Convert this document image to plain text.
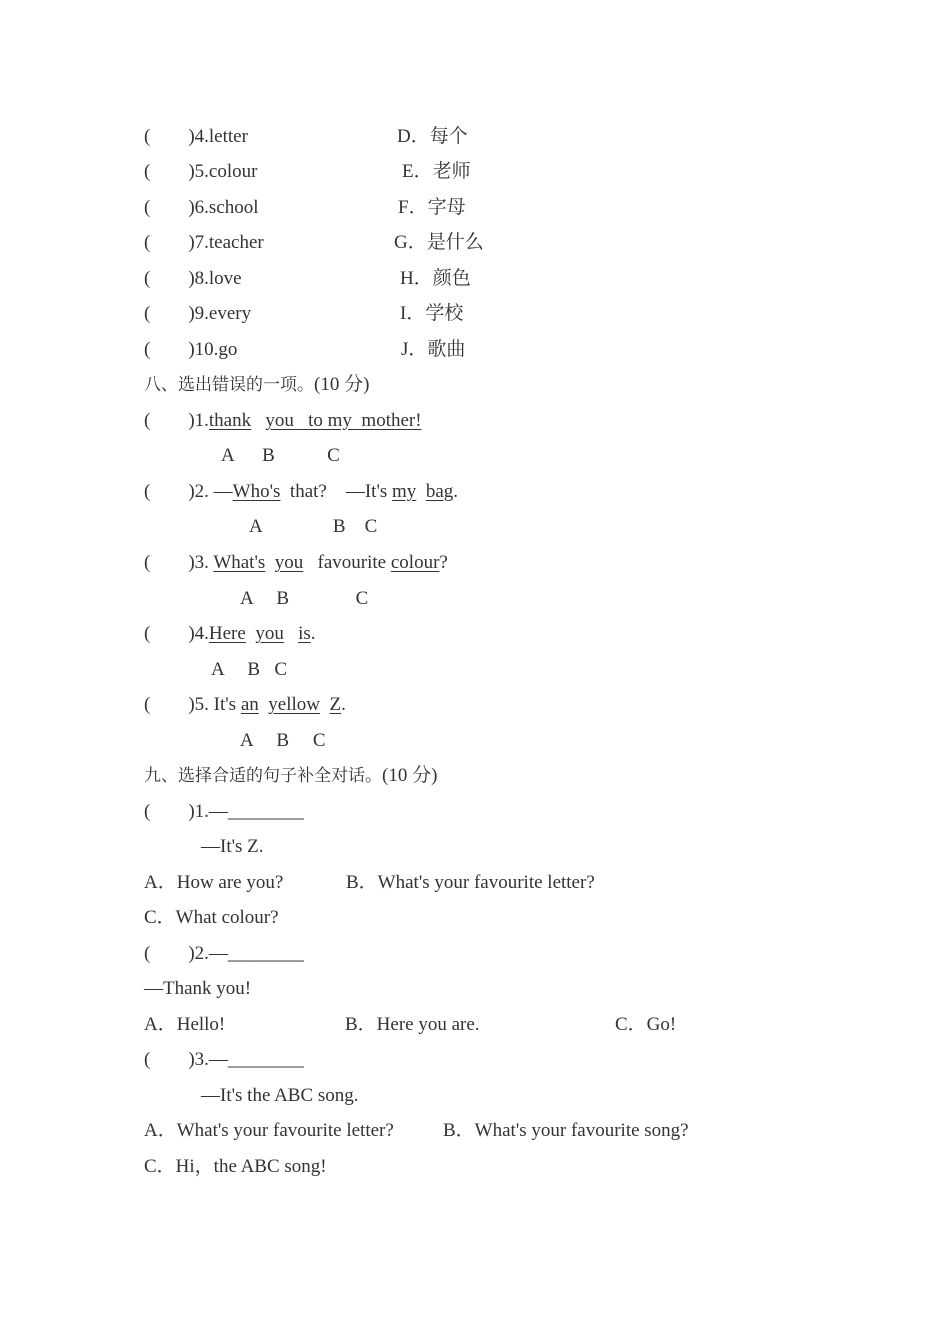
(        )4.letter	D．每个
(        )5.colour	E．老师
(        )6.school	F．字母
(        )7.teacher	G．是什么
(        )8.love	H．颜色
(        )9.every	I．学校
(        )10.go	J．歌曲
八、选出错误的一项。(10 分)
(        )1.thank you to my  mother!
A      B           C
(        )2. —Who's  that?    —It's my bag.
A               B    C
(        )3. What's you   favourite colour?
A     B              C
(        )4.Here you is.
A     B   C
(        )5. It's an yellow Z.
A     B     C
九、选择合适的句子补全对话。(10 分)
(        )1.—________
—It's Z.
A．How are you?	B．What's your favourite letter?
C．What colour?
(        )2.—________
—Thank you!
A．Hello!	B．Here you are.	C．Go!
(        )3.—________
—It's the ABC song.
A．What's your favourite letter?	B．What's your favourite song?
C．Hi，the ABC song!
